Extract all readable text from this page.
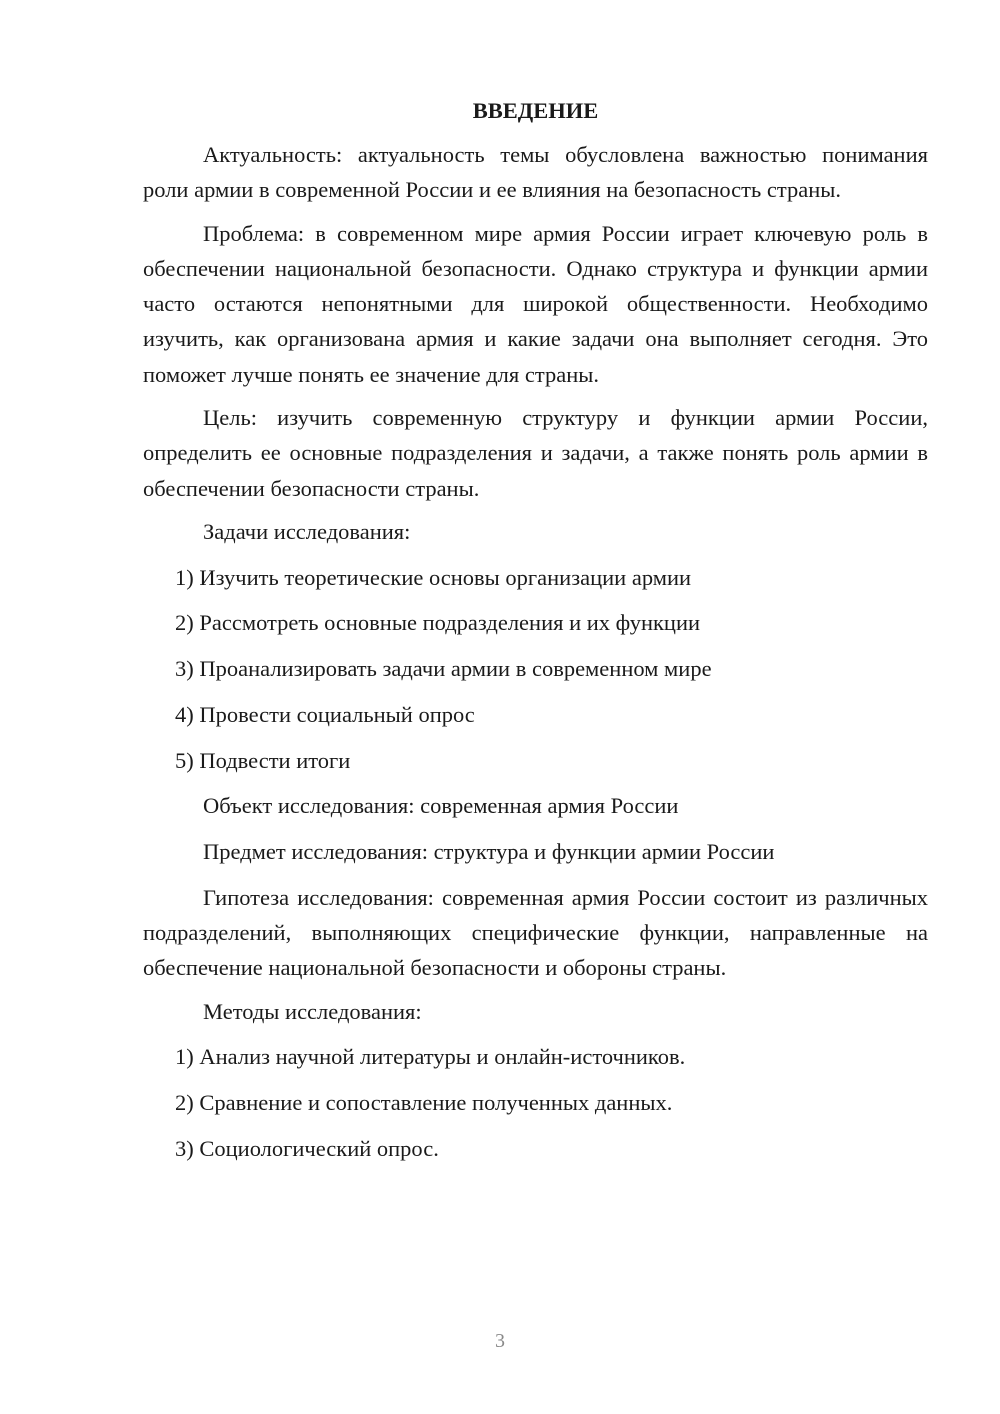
ВВЕДЕНИЕ

Актуальность: актуальность темы обусловлена важностью понимания роли армии в современной России и ее влияния на безопасность страны.

Проблема: в современном мире армия России играет ключевую роль в обеспечении национальной безопасности. Однако структура и функции армии часто остаются непонятными для широкой общественности. Необходимо изучить, как организована армия и какие задачи она выполняет сегодня. Это поможет лучше понять ее значение для страны.

Цель: изучить современную структуру и функции армии России, определить ее основные подразделения и задачи, а также понять роль армии в обеспечении безопасности страны.

Задачи исследования:

1) Изучить теоретические основы организации армии
2) Рассмотреть основные подразделения и их функции
3) Проанализировать задачи армии в современном мире
4) Провести социальный опрос
5) Подвести итоги

Объект исследования: современная армия России

Предмет исследования: структура и функции армии России

Гипотеза исследования: современная армия России состоит из различных подразделений, выполняющих специфические функции, направленные на обеспечение национальной безопасности и обороны страны.

Методы исследования:

1) Анализ научной литературы и онлайн-источников.
2) Сравнение и сопоставление полученных данных.
3) Социологический опрос.
3
